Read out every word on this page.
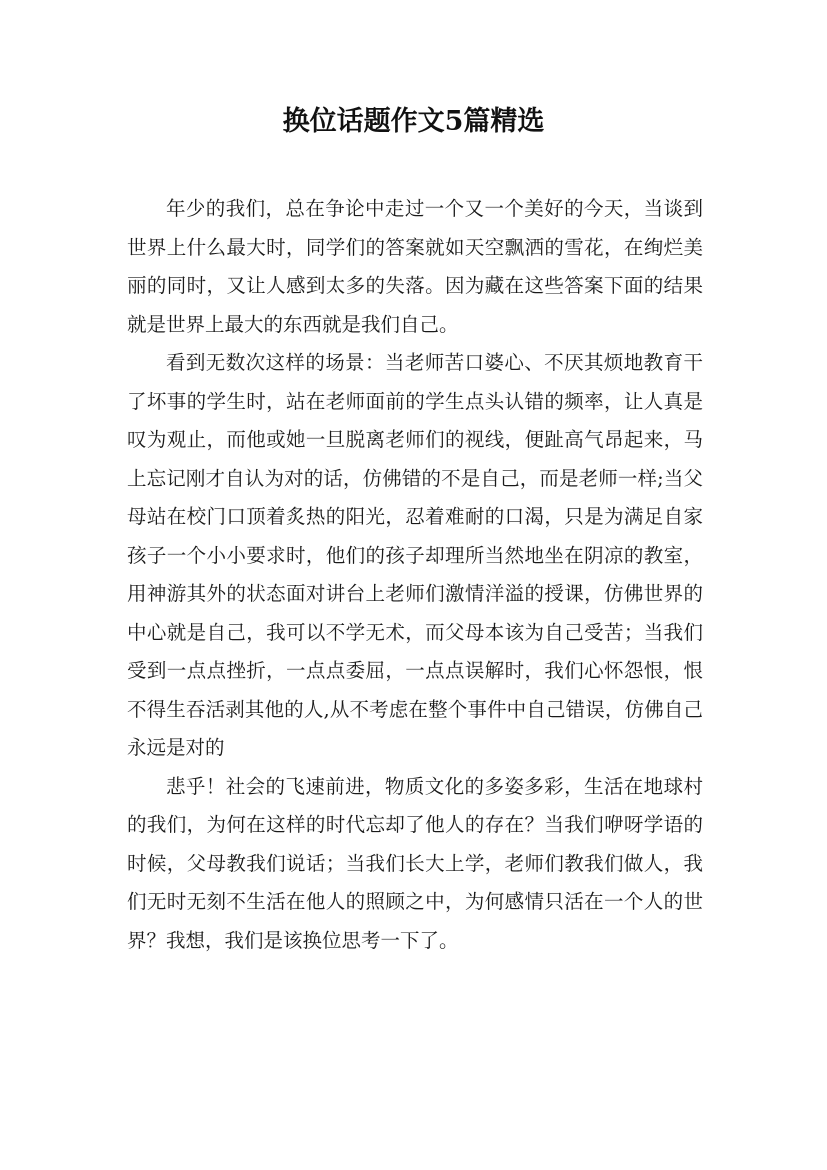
换位话题作文5篇精选

年少的我们，总在争论中走过一个又一个美好的今天，当谈到世界上什么最大时，同学们的答案就如天空飘洒的雪花，在绚烂美丽的同时，又让人感到太多的失落。因为藏在这些答案下面的结果就是世界上最大的东西就是我们自己。

看到无数次这样的场景：当老师苦口婆心、不厌其烦地教育干了坏事的学生时，站在老师面前的学生点头认错的频率，让人真是叹为观止，而他或她一旦脱离老师们的视线，便趾高气昂起来，马上忘记刚才自认为对的话，仿佛错的不是自己，而是老师一样;当父母站在校门口顶着炙热的阳光，忍着难耐的口渴，只是为满足自家孩子一个小小要求时，他们的孩子却理所当然地坐在阴凉的教室，用神游其外的状态面对讲台上老师们激情洋溢的授课，仿佛世界的中心就是自己，我可以不学无术，而父母本该为自己受苦；当我们受到一点点挫折，一点点委屈，一点点误解时，我们心怀怨恨，恨不得生吞活剥其他的人,从不考虑在整个事件中自己错误，仿佛自己永远是对的

悲乎！社会的飞速前进，物质文化的多姿多彩，生活在地球村的我们，为何在这样的时代忘却了他人的存在？当我们咿呀学语的时候，父母教我们说话；当我们长大上学，老师们教我们做人，我们无时无刻不生活在他人的照顾之中，为何感情只活在一个人的世界？我想，我们是该换位思考一下了。
